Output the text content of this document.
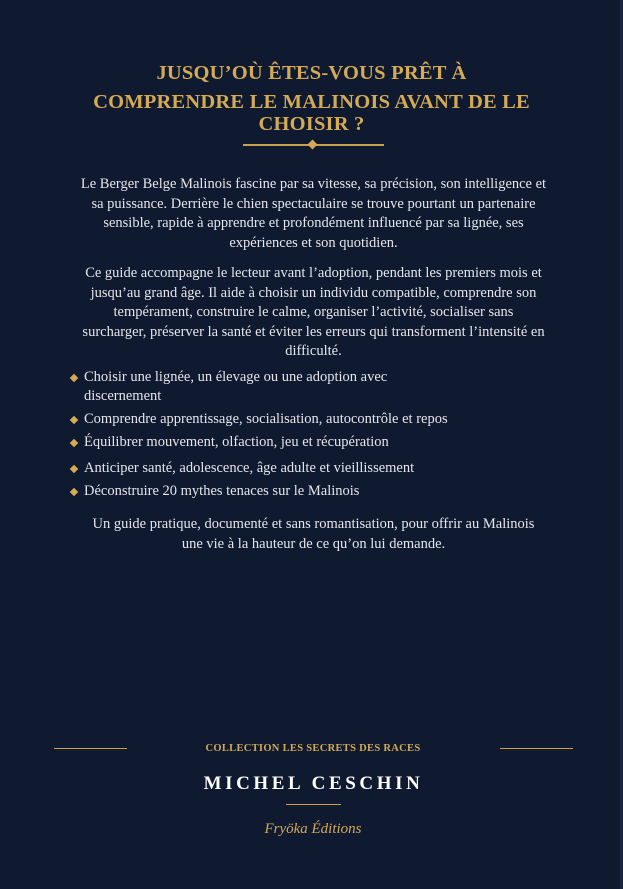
JUSQU’OÙ ÊTES-VOUS PRÊT À
COMPRENDRE LE MALINOIS AVANT DE LE
CHOISIR ?

Le Berger Belge Malinois fascine par sa vitesse, sa précision, son intelligence et sa puissance. Derrière le chien spectaculaire se trouve pourtant un partenaire sensible, rapide à apprendre et profondément influencé par sa lignée, ses expériences et son quotidien.

Ce guide accompagne le lecteur avant l’adoption, pendant les premiers mois et jusqu’au grand âge. Il aide à choisir un individu compatible, comprendre son tempérament, construire le calme, organiser l’activité, socialiser sans surcharger, préserver la santé et éviter les erreurs qui transforment l’intensité en difficulté.

Choisir une lignée, un élevage ou une adoption avec discernement
Comprendre apprentissage, socialisation, autocontrôle et repos
Équilibrer mouvement, olfaction, jeu et récupération
Anticiper santé, adolescence, âge adulte et vieillissement
Déconstruire 20 mythes tenaces sur le Malinois

Un guide pratique, documenté et sans romantisation, pour offrir au Malinois une vie à la hauteur de ce qu’on lui demande.

COLLECTION LES SECRETS DES RACES
MICHEL CESCHIN
Fryöka Éditions
